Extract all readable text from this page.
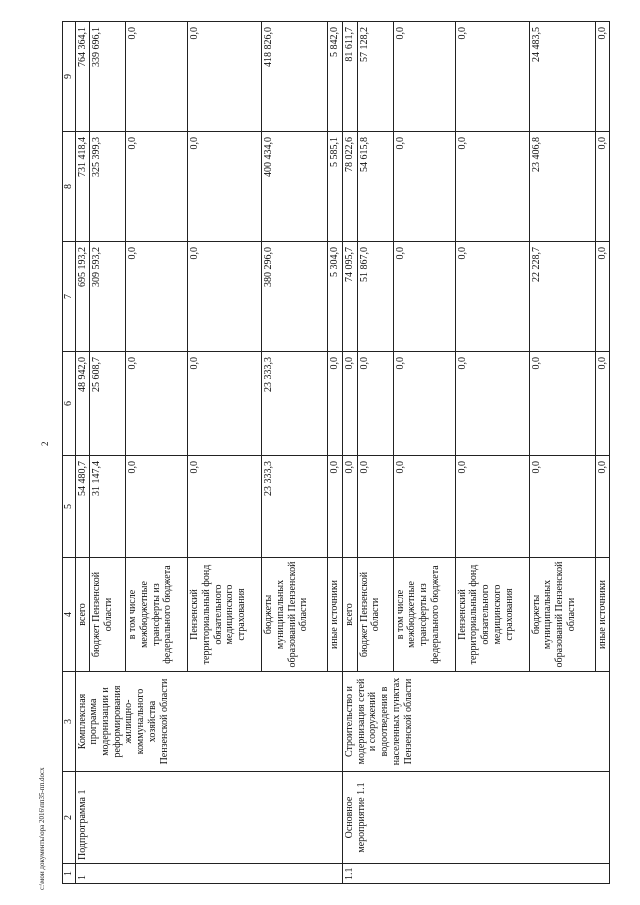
2
1	2	3	4	5	6	7	8	9
1	Подпрограмма 1	Комплексная программа модернизации и реформирования жилищно-коммунального хозяйства Пензенской области	всего	54 480,7	48 942,0	695 193,2	731 418,4	764 364,1
			бюджет Пензенской области	31 147,4	25 608,7	309 593,2	325 399,3	339 696,1
			в том числе межбюджетные трансферты из федерального бюджета	0,0	0,0	0,0	0,0	0,0
			Пензенский территориальный фонд обязательного медицинского страхования	0,0	0,0	0,0	0,0	0,0
			бюджеты муниципальных образований Пензенской области	23 333,3	23 333,3	380 296,0	400 434,0	418 826,0
			иные источники	0,0	0,0	5 304,0	5 585,1	5 842,0
1.1	Основное мероприятие 1.1	Строительство и модернизация сетей и сооружений водоотведения в населенных пунктах Пензенской области	всего	0,0	0,0	74 095,7	78 022,6	81 611,7
			бюджет Пензенской области	0,0	0,0	51 867,0	54 615,8	57 128,2
			в том числе межбюджетные трансферты из федерального бюджета	0,0	0,0	0,0	0,0	0,0
			Пензенский территориальный фонд обязательного медицинского страхования	0,0	0,0	0,0	0,0	0,0
			бюджеты муниципальных образований Пензенской области	0,0	0,0	22 228,7	23 406,8	24 483,5
			иные источники	0,0	0,0	0,0	0,0	0,0
c:\мои документы\ора 2016\пп35-пп.docx
